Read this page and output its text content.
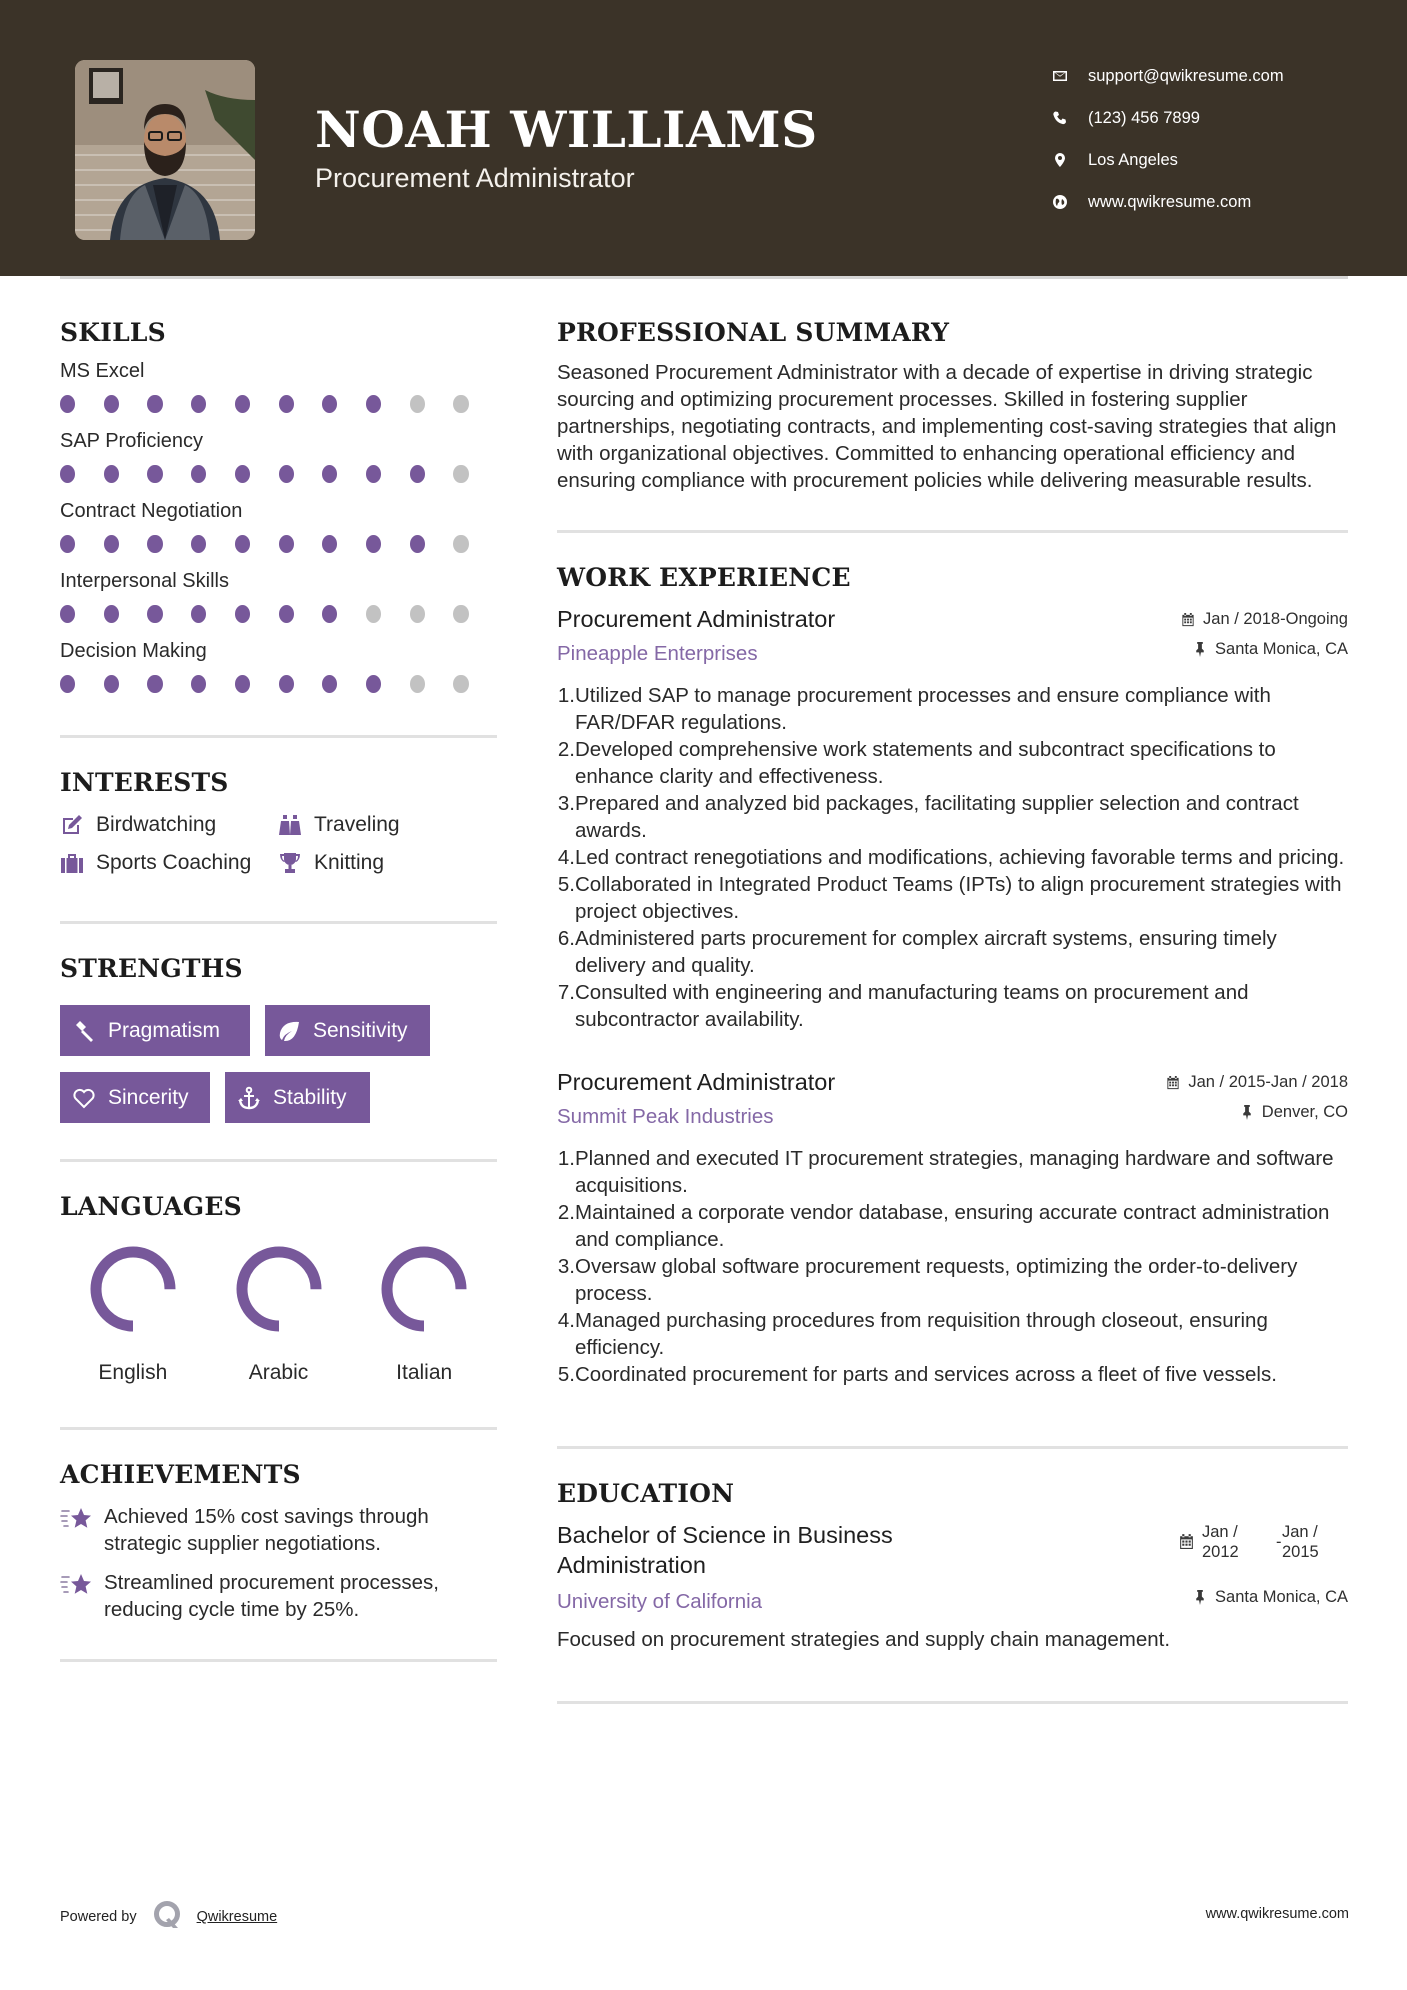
NOAH WILLIAMS
Procurement Administrator
support@qwikresume.com
(123) 456 7899
Los Angeles
www.qwikresume.com
SKILLS
MS Excel
SAP Proficiency
Contract Negotiation
Interpersonal Skills
Decision Making
INTERESTS
Birdwatching	Traveling
Sports Coaching	Knitting
STRENGTHS
Pragmatism	Sensitivity
Sincerity	Stability
LANGUAGES
English	Arabic	Italian
ACHIEVEMENTS
Achieved 15% cost savings through strategic supplier negotiations.
Streamlined procurement processes, reducing cycle time by 25%.
PROFESSIONAL SUMMARY

Seasoned Procurement Administrator with a decade of expertise in driving strategic sourcing and optimizing procurement processes. Skilled in fostering supplier partnerships, negotiating contracts, and implementing cost-saving strategies that align with organizational objectives. Committed to enhancing operational efficiency and ensuring compliance with procurement policies while delivering measurable results.

WORK EXPERIENCE
Procurement Administrator	Jan / 2018-Ongoing
Pineapple Enterprises	Santa Monica, CA
1. Utilized SAP to manage procurement processes and ensure compliance with FAR/DFAR regulations.
2. Developed comprehensive work statements and subcontract specifications to enhance clarity and effectiveness.
3. Prepared and analyzed bid packages, facilitating supplier selection and contract awards.
4. Led contract renegotiations and modifications, achieving favorable terms and pricing.
5. Collaborated in Integrated Product Teams (IPTs) to align procurement strategies with project objectives.
6. Administered parts procurement for complex aircraft systems, ensuring timely delivery and quality.
7. Consulted with engineering and manufacturing teams on procurement and subcontractor availability.
Procurement Administrator	Jan / 2015-Jan / 2018
Summit Peak Industries	Denver, CO
1. Planned and executed IT procurement strategies, managing hardware and software acquisitions.
2. Maintained a corporate vendor database, ensuring accurate contract administration and compliance.
3. Oversaw global software procurement requests, optimizing the order-to-delivery process.
4. Managed purchasing procedures from requisition through closeout, ensuring efficiency.
5. Coordinated procurement for parts and services across a fleet of five vessels.
EDUCATION
Bachelor of Science in Business Administration
Jan / 2012
-
Jan / 2015
University of California	Santa Monica, CA
Focused on procurement strategies and supply chain management.
Powered by	Qwikresume	www.qwikresume.com
